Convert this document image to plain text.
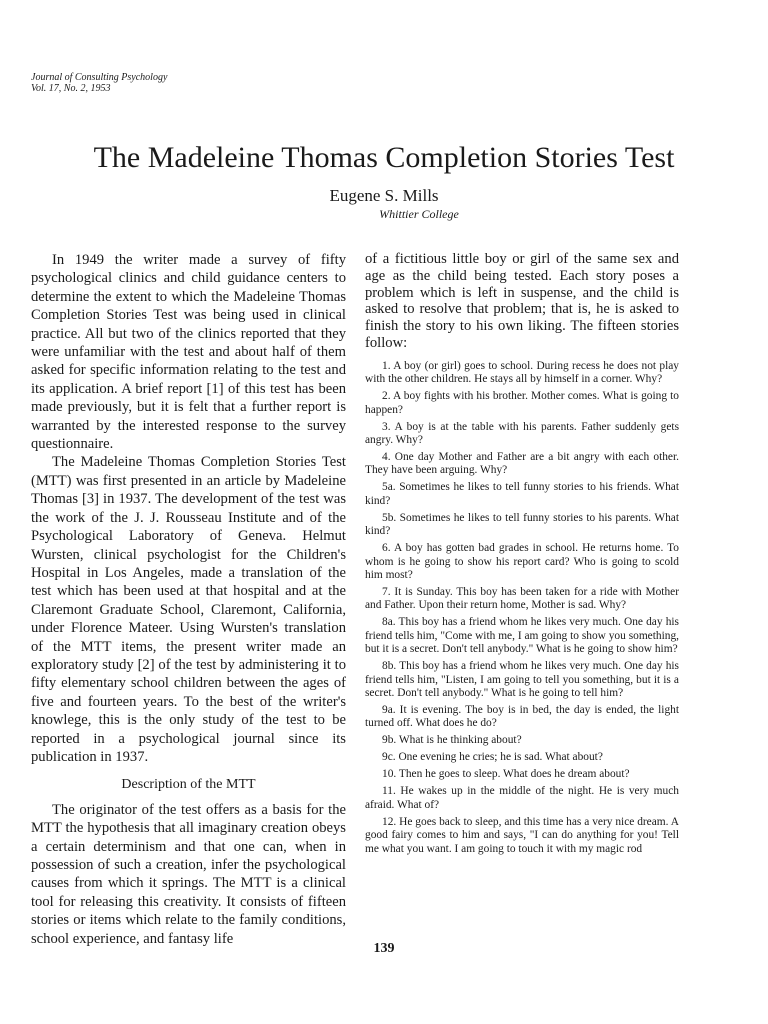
Journal of Consulting Psychology
Vol. 17, No. 2, 1953
The Madeleine Thomas Completion Stories Test
Eugene S. Mills
Whittier College

In 1949 the writer made a survey of fifty psychological clinics and child guidance centers to determine the extent to which the Madeleine Thomas Completion Stories Test was being used in clinical practice. All but two of the clinics reported that they were unfamiliar with the test and about half of them asked for specific information relating to the test and its application. A brief report [1] of this test has been made previously, but it is felt that a further report is warranted by the interested response to the survey questionnaire.

The Madeleine Thomas Completion Stories Test (MTT) was first presented in an article by Madeleine Thomas [3] in 1937. The development of the test was the work of the J. J. Rousseau Institute and of the Psychological Laboratory of Geneva. Helmut Wursten, clinical psychologist for the Children's Hospital in Los Angeles, made a translation of the test which has been used at that hospital and at the Claremont Graduate School, Claremont, California, under Florence Mateer. Using Wursten's translation of the MTT items, the present writer made an exploratory study [2] of the test by administering it to fifty elementary school children between the ages of five and fourteen years. To the best of the writer's knowlege, this is the only study of the test to be reported in a psychological journal since its publication in 1937.

Description of the MTT

The originator of the test offers as a basis for the MTT the hypothesis that all imaginary creation obeys a certain determinism and that one can, when in possession of such a creation, infer the psychological causes from which it springs. The MTT is a clinical tool for releasing this creativity. It consists of fifteen stories or items which relate to the family conditions, school experience, and fantasy life

of a fictitious little boy or girl of the same sex and age as the child being tested. Each story poses a problem which is left in suspense, and the child is asked to resolve that problem; that is, he is asked to finish the story to his own liking. The fifteen stories follow:

1. A boy (or girl) goes to school. During recess he does not play with the other children. He stays all by himself in a corner. Why?
2. A boy fights with his brother. Mother comes. What is going to happen?
3. A boy is at the table with his parents. Father suddenly gets angry. Why?
4. One day Mother and Father are a bit angry with each other. They have been arguing. Why?
5a. Sometimes he likes to tell funny stories to his friends. What kind?
5b. Sometimes he likes to tell funny stories to his parents. What kind?
6. A boy has gotten bad grades in school. He returns home. To whom is he going to show his report card? Who is going to scold him most?
7. It is Sunday. This boy has been taken for a ride with Mother and Father. Upon their return home, Mother is sad. Why?
8a. This boy has a friend whom he likes very much. One day his friend tells him, "Come with me, I am going to show you something, but it is a secret. Don't tell anybody." What is he going to show him?
8b. This boy has a friend whom he likes very much. One day his friend tells him, "Listen, I am going to tell you something, but it is a secret. Don't tell anybody." What is he going to tell him?
9a. It is evening. The boy is in bed, the day is ended, the light turned off. What does he do?
9b. What is he thinking about?
9c. One evening he cries; he is sad. What about?
10. Then he goes to sleep. What does he dream about?
11. He wakes up in the middle of the night. He is very much afraid. What of?
12. He goes back to sleep, and this time has a very nice dream. A good fairy comes to him and says, "I can do anything for you! Tell me what you want. I am going to touch it with my magic rod
139
